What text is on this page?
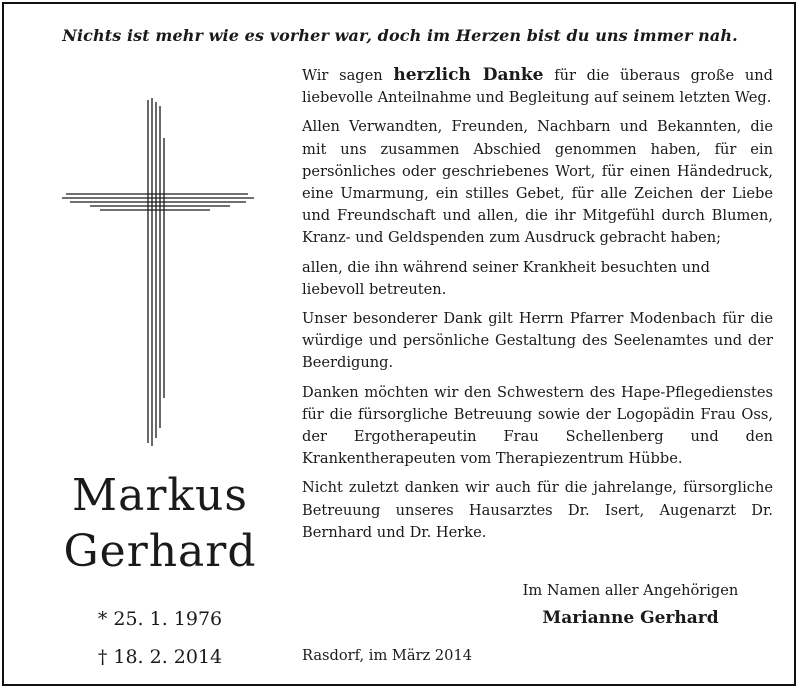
Nichts ist mehr wie es vorher war, doch im Herzen bist du uns immer nah.
Markus
Gerhard
* 25. 1. 1976
† 18. 2. 2014

Wir sagen herzlich Danke für die überaus große und liebevolle Anteilnahme und Begleitung auf seinem letzten Weg.

Allen Verwandten, Freunden, Nachbarn und Bekannten, die mit uns zusammen Abschied genommen haben, für ein persönliches oder geschriebenes Wort, für einen Händedruck, eine Umarmung, ein stilles Gebet, für alle Zeichen der Liebe und Freundschaft und allen, die ihr Mitgefühl durch Blumen, Kranz- und Geldspenden zum Ausdruck gebracht haben;

allen, die ihn während seiner Krankheit besuchten und liebevoll betreuten.

Unser besonderer Dank gilt Herrn Pfarrer Modenbach für die würdige und persönliche Gestaltung des Seelenamtes und der Beerdigung.

Danken möchten wir den Schwestern des Hape-Pflegedienstes für die fürsorgliche Betreuung sowie der Logopädin Frau Oss, der Ergotherapeutin Frau Schellenberg und den Krankentherapeuten vom Therapiezentrum Hübbe.

Nicht zuletzt danken wir auch für die jahrelange, fürsorgliche Betreuung unseres Hausarztes Dr. Isert, Augenarzt Dr. Bernhard und Dr. Herke.

Im Namen aller Angehörigen
Marianne Gerhard
Rasdorf, im März 2014
